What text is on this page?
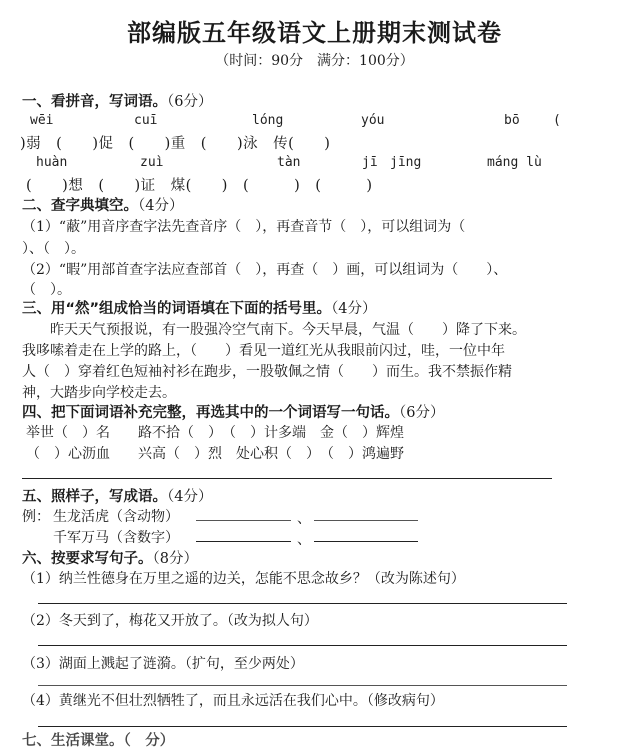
部编版五年级语文上册期末测试卷
（时间：90分　满分：100分）
一、看拼音，写词语。（6分）
wēi	cuī	lóng	yóu	bō	(
)弱　(　　)促　(　　)重　(　　)泳　传(　　)
huàn	zuì	tàn	jī jīng	máng lù
(　　)想　(　　)证　煤(　　)　(　　　)　(　　　)
二、查字典填空。（4分）
（1）“蔽”用音序查字法先查音序（　），再查音节（　），可以组词为（
）、（　）。
（2）“暇”用部首查字法应查部首（　），再查（　）画，可以组词为（　　）、
（　）。
三、用“然”组成恰当的词语填在下面的括号里。（4分）
　　昨天天气预报说，有一股强冷空气南下。今天早晨，气温（　　）降了下来。
我哆嗦着走在上学的路上，（　　）看见一道红光从我眼前闪过，哇，一位中年
人（　）穿着红色短袖衬衫在跑步，一股敬佩之情（　　）而生。我不禁振作精
神，大踏步向学校走去。
四、把下面词语补充完整，再选其中的一个词语写一句话。（6分）
举世（　）名　　路不拾（　）　（　）计多端　金（　）辉煌
（　）心沥血　　兴高（　）烈　处心积（　）　（　）鸿遍野
五、照样子，写成语。（4分）
例： 生龙活虎（含动物）	、
千军万马（含数字）	、
六、按要求写句子。（8分）
（1）纳兰性德身在万里之遥的边关，怎能不思念故乡？（改为陈述句）
（2）冬天到了，梅花又开放了。（改为拟人句）
（3）湖面上溅起了涟漪。（扩句，至少两处）
（4）黄继光不但壮烈牺牲了，而且永远活在我们心中。（修改病句）
七、生活课堂。（　分）
